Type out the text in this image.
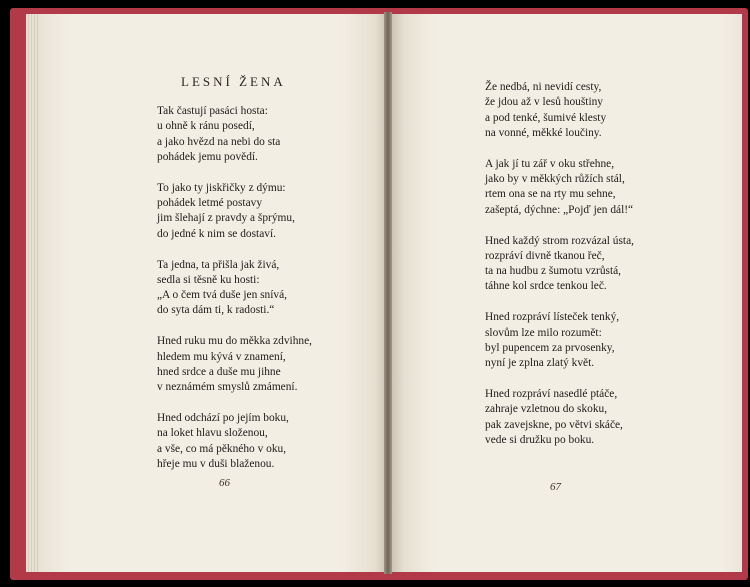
LESNÍ ŽENA
Tak častují pasáci hosta:
u ohně k ránu posedí,
a jako hvězd na nebi do sta
pohádek jemu povědí.
To jako ty jiskřičky z dýmu:
pohádek letmé postavy
jim šlehají z pravdy a šprýmu,
do jedné k nim se dostaví.
Ta jedna, ta přišla jak živá,
sedla si těsně ku hosti:
„A o čem tvá duše jen snívá,
do syta dám ti, k radosti.“
Hned ruku mu do měkka zdvihne,
hledem mu kývá v znamení,
hned srdce a duše mu jihne
v neznámém smyslů zmámení.
Hned odchází po jejím boku,
na loket hlavu složenou,
a vše, co má pěkného v oku,
hřeje mu v duši blaženou.
Že nedbá, ni nevidí cesty,
že jdou až v lesů houštiny
a pod tenké, šumivé klesty
na vonné, měkké loučiny.
A jak jí tu zář v oku střehne,
jako by v měkkých růžích stál,
rtem ona se na rty mu sehne,
zašeptá, dýchne: „Pojď jen dál!“
Hned každý strom rozvázal ústa,
rozpráví divně tkanou řeč,
ta na hudbu z šumotu vzrůstá,
táhne kol srdce tenkou leč.
Hned rozpráví lísteček tenký,
slovům lze milo rozumět:
byl pupencem za prvosenky,
nyní je zplna zlatý květ.
Hned rozpráví nasedlé ptáče,
zahraje vzletnou do skoku,
pak zavejskne, po větvi skáče,
vede si družku po boku.
66	67
